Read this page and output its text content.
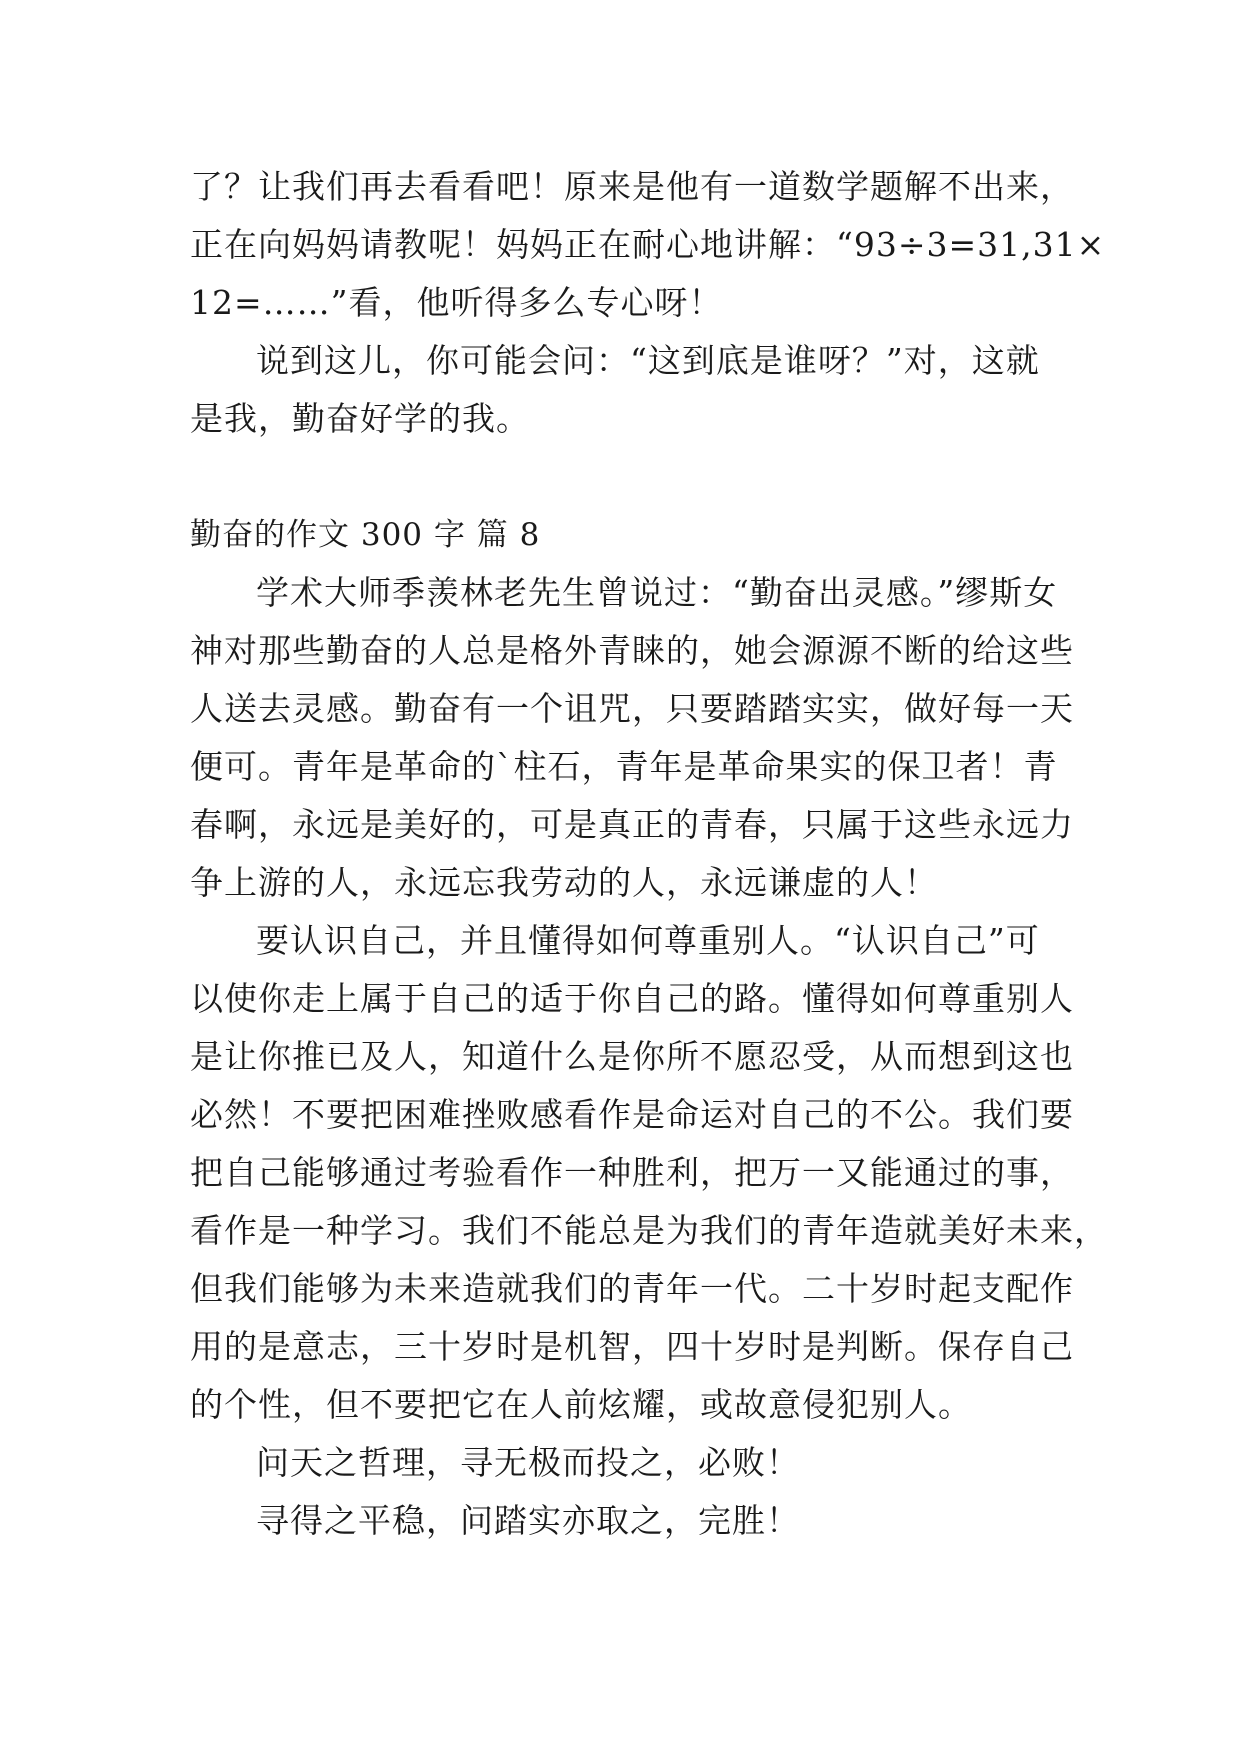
了？让我们再去看看吧！原来是他有一道数学题解不出来，
正在向妈妈请教呢！妈妈正在耐心地讲解：“93÷3=31,31×
12=……”看，他听得多么专心呀！
说到这儿，你可能会问：“这到底是谁呀？”对，这就
是我，勤奋好学的我。
勤奋的作文 300 字 篇 8
学术大师季羡林老先生曾说过：“勤奋出灵感。”缪斯女
神对那些勤奋的人总是格外青睐的，她会源源不断的给这些
人送去灵感。勤奋有一个诅咒，只要踏踏实实，做好每一天
便可。青年是革命的`柱石，青年是革命果实的保卫者！青
春啊，永远是美好的，可是真正的青春，只属于这些永远力
争上游的人，永远忘我劳动的人，永远谦虚的人！
要认识自己，并且懂得如何尊重别人。“认识自己”可
以使你走上属于自己的适于你自己的路。懂得如何尊重别人
是让你推已及人，知道什么是你所不愿忍受，从而想到这也
必然！不要把困难挫败感看作是命运对自己的不公。我们要
把自己能够通过考验看作一种胜利，把万一又能通过的事，
看作是一种学习。我们不能总是为我们的青年造就美好未来，
但我们能够为未来造就我们的青年一代。二十岁时起支配作
用的是意志，三十岁时是机智，四十岁时是判断。保存自己
的个性，但不要把它在人前炫耀，或故意侵犯别人。
问天之哲理，寻无极而投之，必败！
寻得之平稳，问踏实亦取之，完胜！
